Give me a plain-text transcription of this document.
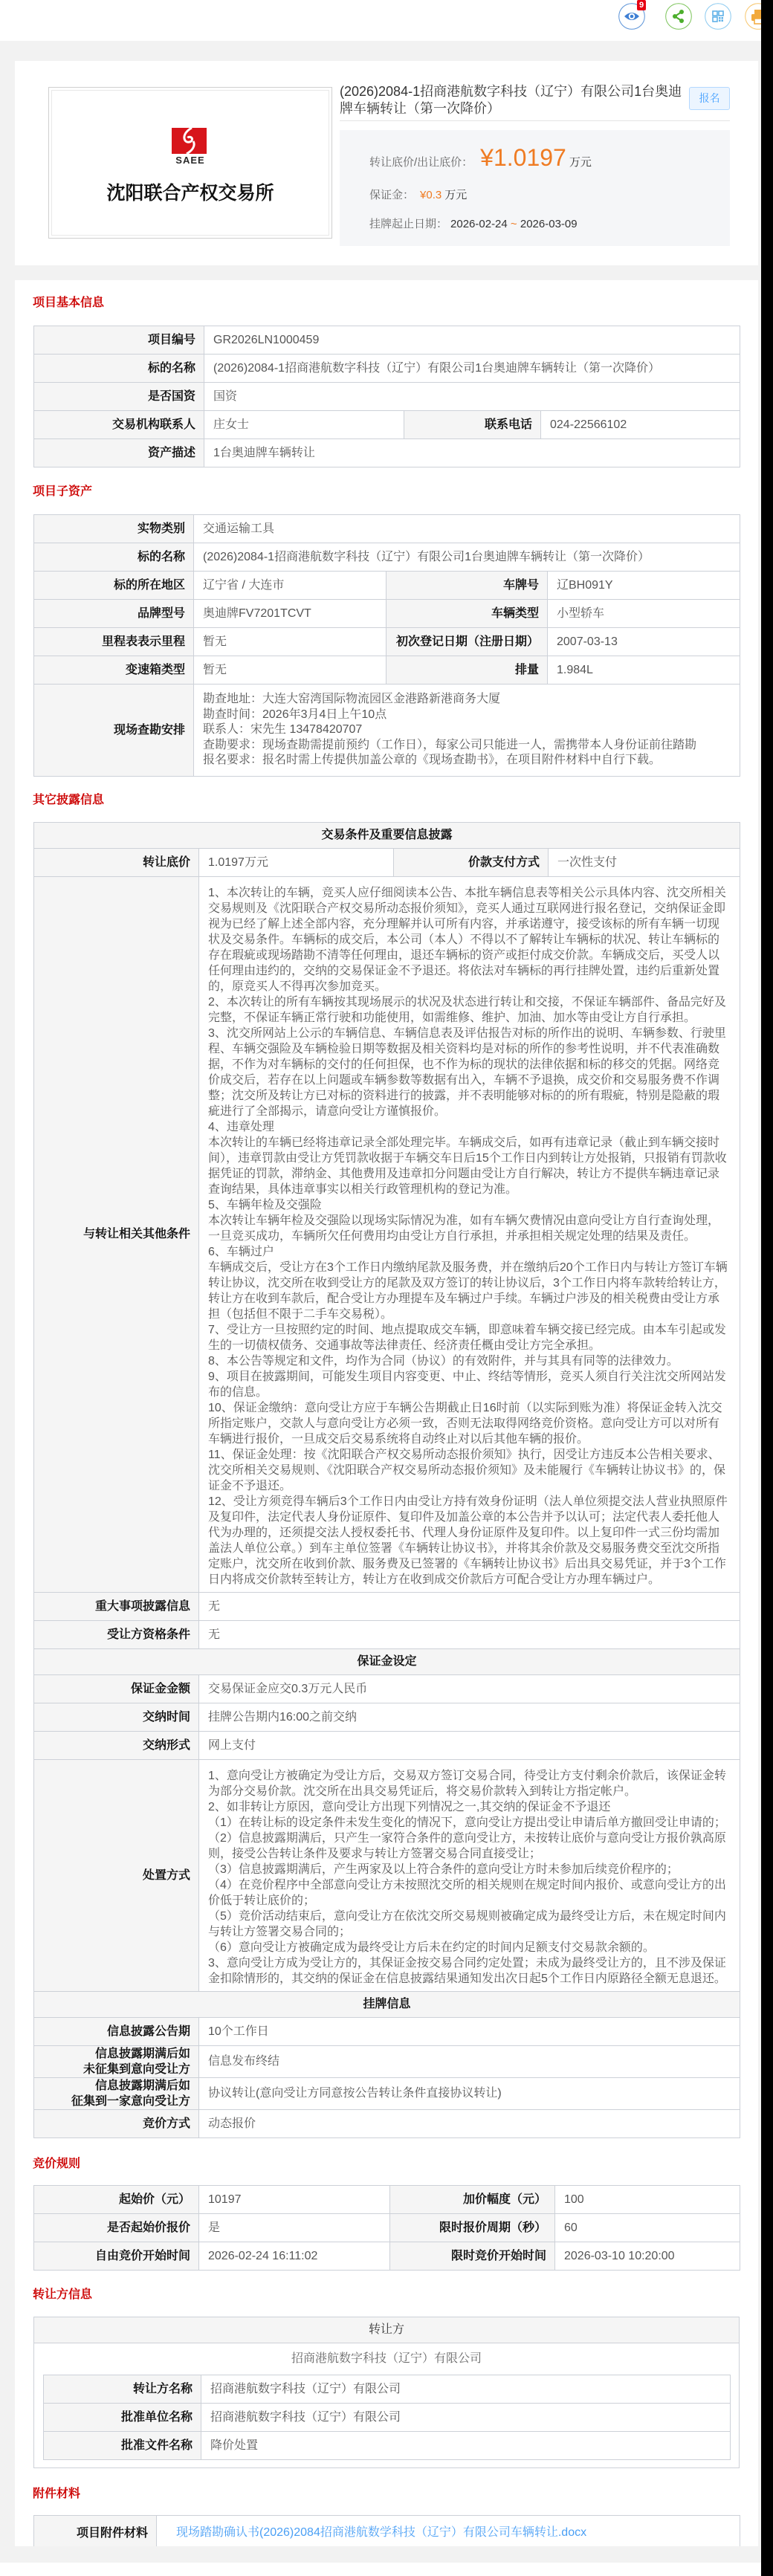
9
SAEE
沈阳联合产权交易所
(2026)2084-1招商港航数字科技（辽宁）有限公司1台奥迪牌车辆转让（第一次降价）
报名
转让底价/出让底价： ¥1.0197 万元
保证金： ¥0.3 万元
挂牌起止日期： 2026-02-24 ~ 2026-03-09
项目基本信息
项目编号	GR2026LN1000459		
标的名称	(2026)2084-1招商港航数字科技（辽宁）有限公司1台奥迪牌车辆转让（第一次降价）		
是否国资	国资		
交易机构联系人	庄女士	联系电话	024-22566102
资产描述	1台奥迪牌车辆转让		
项目子资产
实物类别	交通运输工具		
标的名称	(2026)2084-1招商港航数字科技（辽宁）有限公司1台奥迪牌车辆转让（第一次降价）		
标的所在地区	辽宁省 / 大连市	车牌号	辽BH091Y
品牌型号	奥迪牌FV7201TCVT	车辆类型	小型轿车
里程表表示里程	暂无	初次登记日期（注册日期）	2007-03-13
变速箱类型	暂无	排量	1.984L
现场查勘安排	勘查地址：大连大窑湾国际物流园区金港路新港商务大厦
勘查时间：2026年3月4日上午10点
联系人：宋先生 13478420707
查勘要求：现场查勘需提前预约（工作日），每家公司只能进一人，需携带本人身份证前往踏勘
报名要求：报名时需上传提供加盖公章的《现场查勘书》，在项目附件材料中自行下载。		
其它披露信息
交易条件及重要信息披露			
转让底价	1.0197万元	价款支付方式	一次性支付
与转让相关其他条件	
1、本次转让的车辆，竞买人应仔细阅读本公告、本批车辆信息表等相关公示具体内容、沈交所相关交易规则及《沈阳联合产权交易所动态报价须知》，竞买人通过互联网进行报名登记，交纳保证金即视为已经了解上述全部内容，充分理解并认可所有内容，并承诺遵守，接受该标的所有车辆一切现状及交易条件。车辆标的成交后，本公司（本人）不得以不了解转让车辆标的状况、转让车辆标的存在瑕疵或现场踏勘不清等任何理由，退还车辆标的资产或拒付成交价款。车辆成交后，买受人以任何理由违约的，交纳的交易保证金不予退还。将依法对车辆标的再行挂牌处置，违约后重新处置的，原竞买人不得再次参加竞买。
2、本次转让的所有车辆按其现场展示的状况及状态进行转让和交接，不保证车辆部件、备品完好及完整，不保证车辆正常行驶和功能使用，如需维修、维护、加油、加水等由受让方自行承担。
3、沈交所网站上公示的车辆信息、车辆信息表及评估报告对标的所作出的说明、车辆参数、行驶里程、车辆交强险及车辆检验日期等数据及相关资料均是对标的所作的参考性说明，并不代表准确数据，不作为对车辆标的交付的任何担保，也不作为标的现状的法律依据和标的移交的凭据。网络竞价成交后，若存在以上问题或车辆参数等数据有出入，车辆不予退换，成交价和交易服务费不作调整；沈交所及转让方已对标的资料进行的披露，并不表明能够对标的的所有瑕疵，特别是隐蔽的瑕疵进行了全部揭示，请意向受让方谨慎报价。
4、违章处理
本次转让的车辆已经将违章记录全部处理完毕。车辆成交后，如再有违章记录（截止到车辆交接时间），违章罚款由受让方凭罚款收据于车辆交车日后15个工作日内到转让方处报销，只报销有罚款收据凭证的罚款，滞纳金、其他费用及违章扣分问题由受让方自行解决，转让方不提供车辆违章记录查询结果，具体违章事实以相关行政管理机构的登记为准。
5、车辆年检及交强险
本次转让车辆年检及交强险以现场实际情况为准，如有车辆欠费情况由意向受让方自行查询处理，一旦竞买成功，车辆所欠任何费用均由受让方自行承担，并承担相关规定处理的结果及责任。
6、车辆过户
车辆成交后，受让方在3个工作日内缴纳尾款及服务费，并在缴纳后20个工作日内与转让方签订车辆转让协议，沈交所在收到受让方的尾款及双方签订的转让协议后，3个工作日内将车款转给转让方，转让方在收到车款后，配合受让方办理提车及车辆过户手续。车辆过户涉及的相关税费由受让方承担（包括但不限于二手车交易税）。
7、受让方一旦按照约定的时间、地点提取成交车辆，即意味着车辆交接已经完成。由本车引起或发生的一切债权债务、交通事故等法律责任、经济责任概由受让方完全承担。
8、本公告等规定和文件，均作为合同（协议）的有效附件，并与其具有同等的法律效力。
9、项目在披露期间，可能发生项目内容变更、中止、终结等情形，竞买人须自行关注沈交所网站发布的信息。
10、保证金缴纳：意向受让方应于车辆公告期截止日16时前（以实际到账为准）将保证金转入沈交所指定账户，交款人与意向受让方必须一致，否则无法取得网络竞价资格。意向受让方可以对所有车辆进行报价，一旦成交后交易系统将自动终止对以后其他车辆的报价。
11、保证金处理：按《沈阳联合产权交易所动态报价须知》执行，因受让方违反本公告相关要求、沈交所相关交易规则、《沈阳联合产权交易所动态报价须知》及未能履行《车辆转让协议书》的，保证金不予退还。
12、受让方须竞得车辆后3个工作日内由受让方持有效身份证明（法人单位须提交法人营业执照原件及复印件，法定代表人身份证原件、复印件及加盖公章的本公告并予以认可；法定代表人委托他人代为办理的，还须提交法人授权委托书、代理人身份证原件及复印件。以上复印件一式三份均需加盖法人单位公章。）到车主单位签署《车辆转让协议书》，并将其余价款及交易服务费交至沈交所指定账户，沈交所在收到价款、服务费及已签署的《车辆转让协议书》后出具交易凭证，并于3个工作日内将成交价款转至转让方，转让方在收到成交价款后方可配合受让方办理车辆过户。

重大事项披露信息	无		
受让方资格条件	无		
保证金设定			
保证金金额	交易保证金应交0.3万元人民币		
交纳时间	挂牌公告期内16:00之前交纳		
交纳形式	网上支付		
处置方式	
1、意向受让方被确定为受让方后，交易双方签订交易合同，待受让方支付剩余价款后，该保证金转为部分交易价款。沈交所在出具交易凭证后，将交易价款转入到转让方指定帐户。
2、如非转让方原因，意向受让方出现下列情况之一,其交纳的保证金不予退还
（1）在转让标的设定条件未发生变化的情况下，意向受让方提出受让申请后单方撤回受让申请的；
（2）信息披露期满后，只产生一家符合条件的意向受让方，未按转让底价与意向受让方报价孰高原则，接受公告转让条件及要求与转让方签署交易合同直接受让；
（3）信息披露期满后，产生两家及以上符合条件的意向受让方时未参加后续竞价程序的；
（4）在竞价程序中全部意向受让方未按照沈交所的相关规则在规定时间内报价、或意向受让方的出价低于转让底价的；
（5）竞价活动结束后，意向受让方在依沈交所交易规则被确定成为最终受让方后，未在规定时间内与转让方签署交易合同的；
（6）意向受让方被确定成为最终受让方后未在约定的时间内足额支付交易款余额的。
3、意向受让方成为受让方的，其保证金按交易合同约定处置；未成为最终受让方的，且不涉及保证金扣除情形的，其交纳的保证金在信息披露结果通知发出次日起5个工作日内原路径全额无息退还。

挂牌信息			
信息披露公告期	10个工作日		
信息披露期满后如
未征集到意向受让方	信息发布终结		
信息披露期满后如
征集到一家意向受让方	协议转让(意向受让方同意按公告转让条件直接协议转让)		
竞价方式	动态报价		
竞价规则
起始价（元）	10197	加价幅度（元）	100
是否起始价报价	是	限时报价周期（秒）	60
自由竞价开始时间	2026-02-24 16:11:02	限时竞价开始时间	2026-03-10 10:20:00
转让方信息
转让方

招商港航数字科技（辽宁）有限公司
转让方名称	招商港航数字科技（辽宁）有限公司
批准单位名称	招商港航数字科技（辽宁）有限公司
批准文件名称	降价处置
附件材料
项目附件材料	现场踏勘确认书(2026)2084招商港航数学科技（辽宁）有限公司车辆转让.docx
